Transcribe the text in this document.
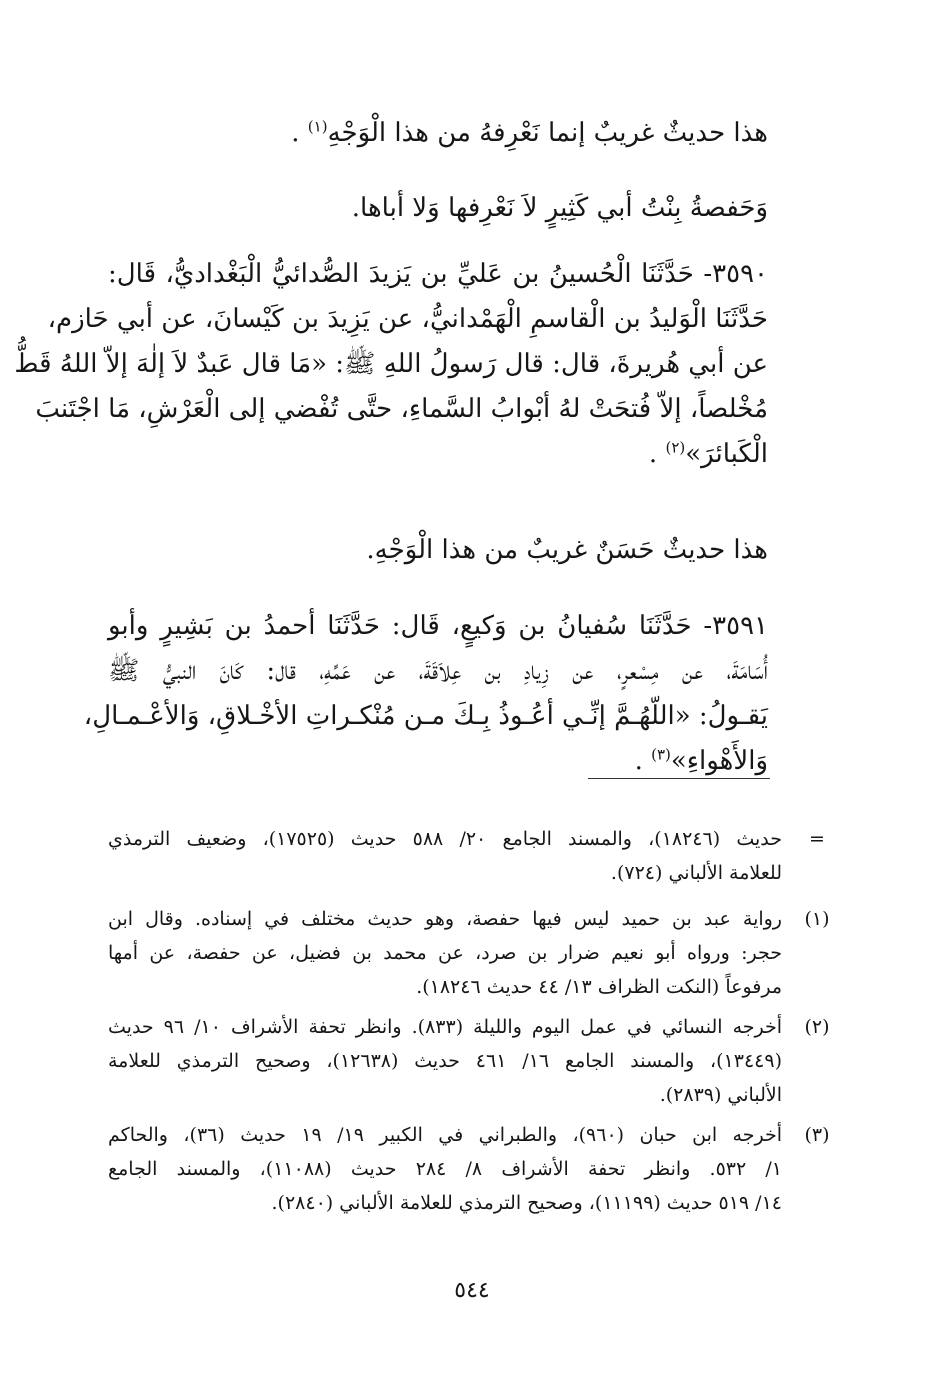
هذا حديثٌ غريبٌ إنما نَعْرِفهُ من هذا الْوَجْهِ$^{(١)}$ .
وَحَفصةُ بِنْتُ أبي كَثِيرٍ لاَ نَعْرِفها وَلا أباها.
٣٥٩٠- حَدَّثَنَا الْحُسينُ بن عَليِّ بن يَزيدَ الصُّدائيُّ الْبَغْداديُّ، قَال:
حَدَّثَنَا الْوَليدُ بن الْقاسمِ الْهَمْدانيُّ، عن يَزِيدَ بن كَيْسانَ، عن أبي حَازم،
عن أبي هُريرةَ، قال: قال رَسولُ اللهِ ﷺ: «مَا قال عَبدٌ لاَ إلٰهَ إلاّ اللهُ قَطُّ
مُخْلصاً، إلاّ فُتحَتْ لهُ أبْوابُ السَّماءِ، حتَّى تُفْضي إلى الْعَرْشِ، مَا اجْتَنبَ
الْكَبائرَ»$^{(٢)}$ .
هذا حديثٌ حَسَنٌ غريبٌ من هذا الْوَجْهِ.
٣٥٩١- حَدَّثَنَا سُفيانُ بن وَكيعٍ، قَال: حَدَّثَنَا أحمدُ بن بَشِيرٍ وأبو
أُسَامَةَ، عن مِسْعرٍ، عن زِيادِ بن عِلاَقَةَ، عن عَمِّهِ، قال: كَانَ النبيُّ ﷺ
يَقـولُ: «اللّهُـمَّ إنِّـي أعُـوذُ بِـكَ مـن مُنْكـراتِ الأخْـلاقِ، وَالأعْـمـالِ،
وَالأَهْواءِ»$^{(٣)}$ .
=
حديث (١٨٢٤٦)، والمسند الجامع ٢٠/ ٥٨٨ حديث (١٧٥٢٥)، وضعيف الترمذي
للعلامة الألباني (٧٢٤).
(١)
رواية عبد بن حميد ليس فيها حفصة، وهو حديث مختلف في إسناده. وقال ابن
حجر: ورواه أبو نعيم ضرار بن صرد، عن محمد بن فضيل، عن حفصة، عن أمها
مرفوعاً (النكت الظراف ١٣/ ٤٤ حديث ١٨٢٤٦).
(٢)
أخرجه النسائي في عمل اليوم والليلة (٨٣٣). وانظر تحفة الأشراف ١٠/ ٩٦ حديث
(١٣٤٤٩)، والمسند الجامع ١٦/ ٤٦١ حديث (١٢٦٣٨)، وصحيح الترمذي للعلامة
الألباني (٢٨٣٩).
(٣)
أخرجه ابن حبان (٩٦٠)، والطبراني في الكبير ١٩/ ١٩ حديث (٣٦)، والحاكم
١/ ٥٣٢. وانظر تحفة الأشراف ٨/ ٢٨٤ حديث (١١٠٨٨)، والمسند الجامع
١٤/ ٥١٩ حديث (١١١٩٩)، وصحيح الترمذي للعلامة الألباني (٢٨٤٠).
٥٤٤
